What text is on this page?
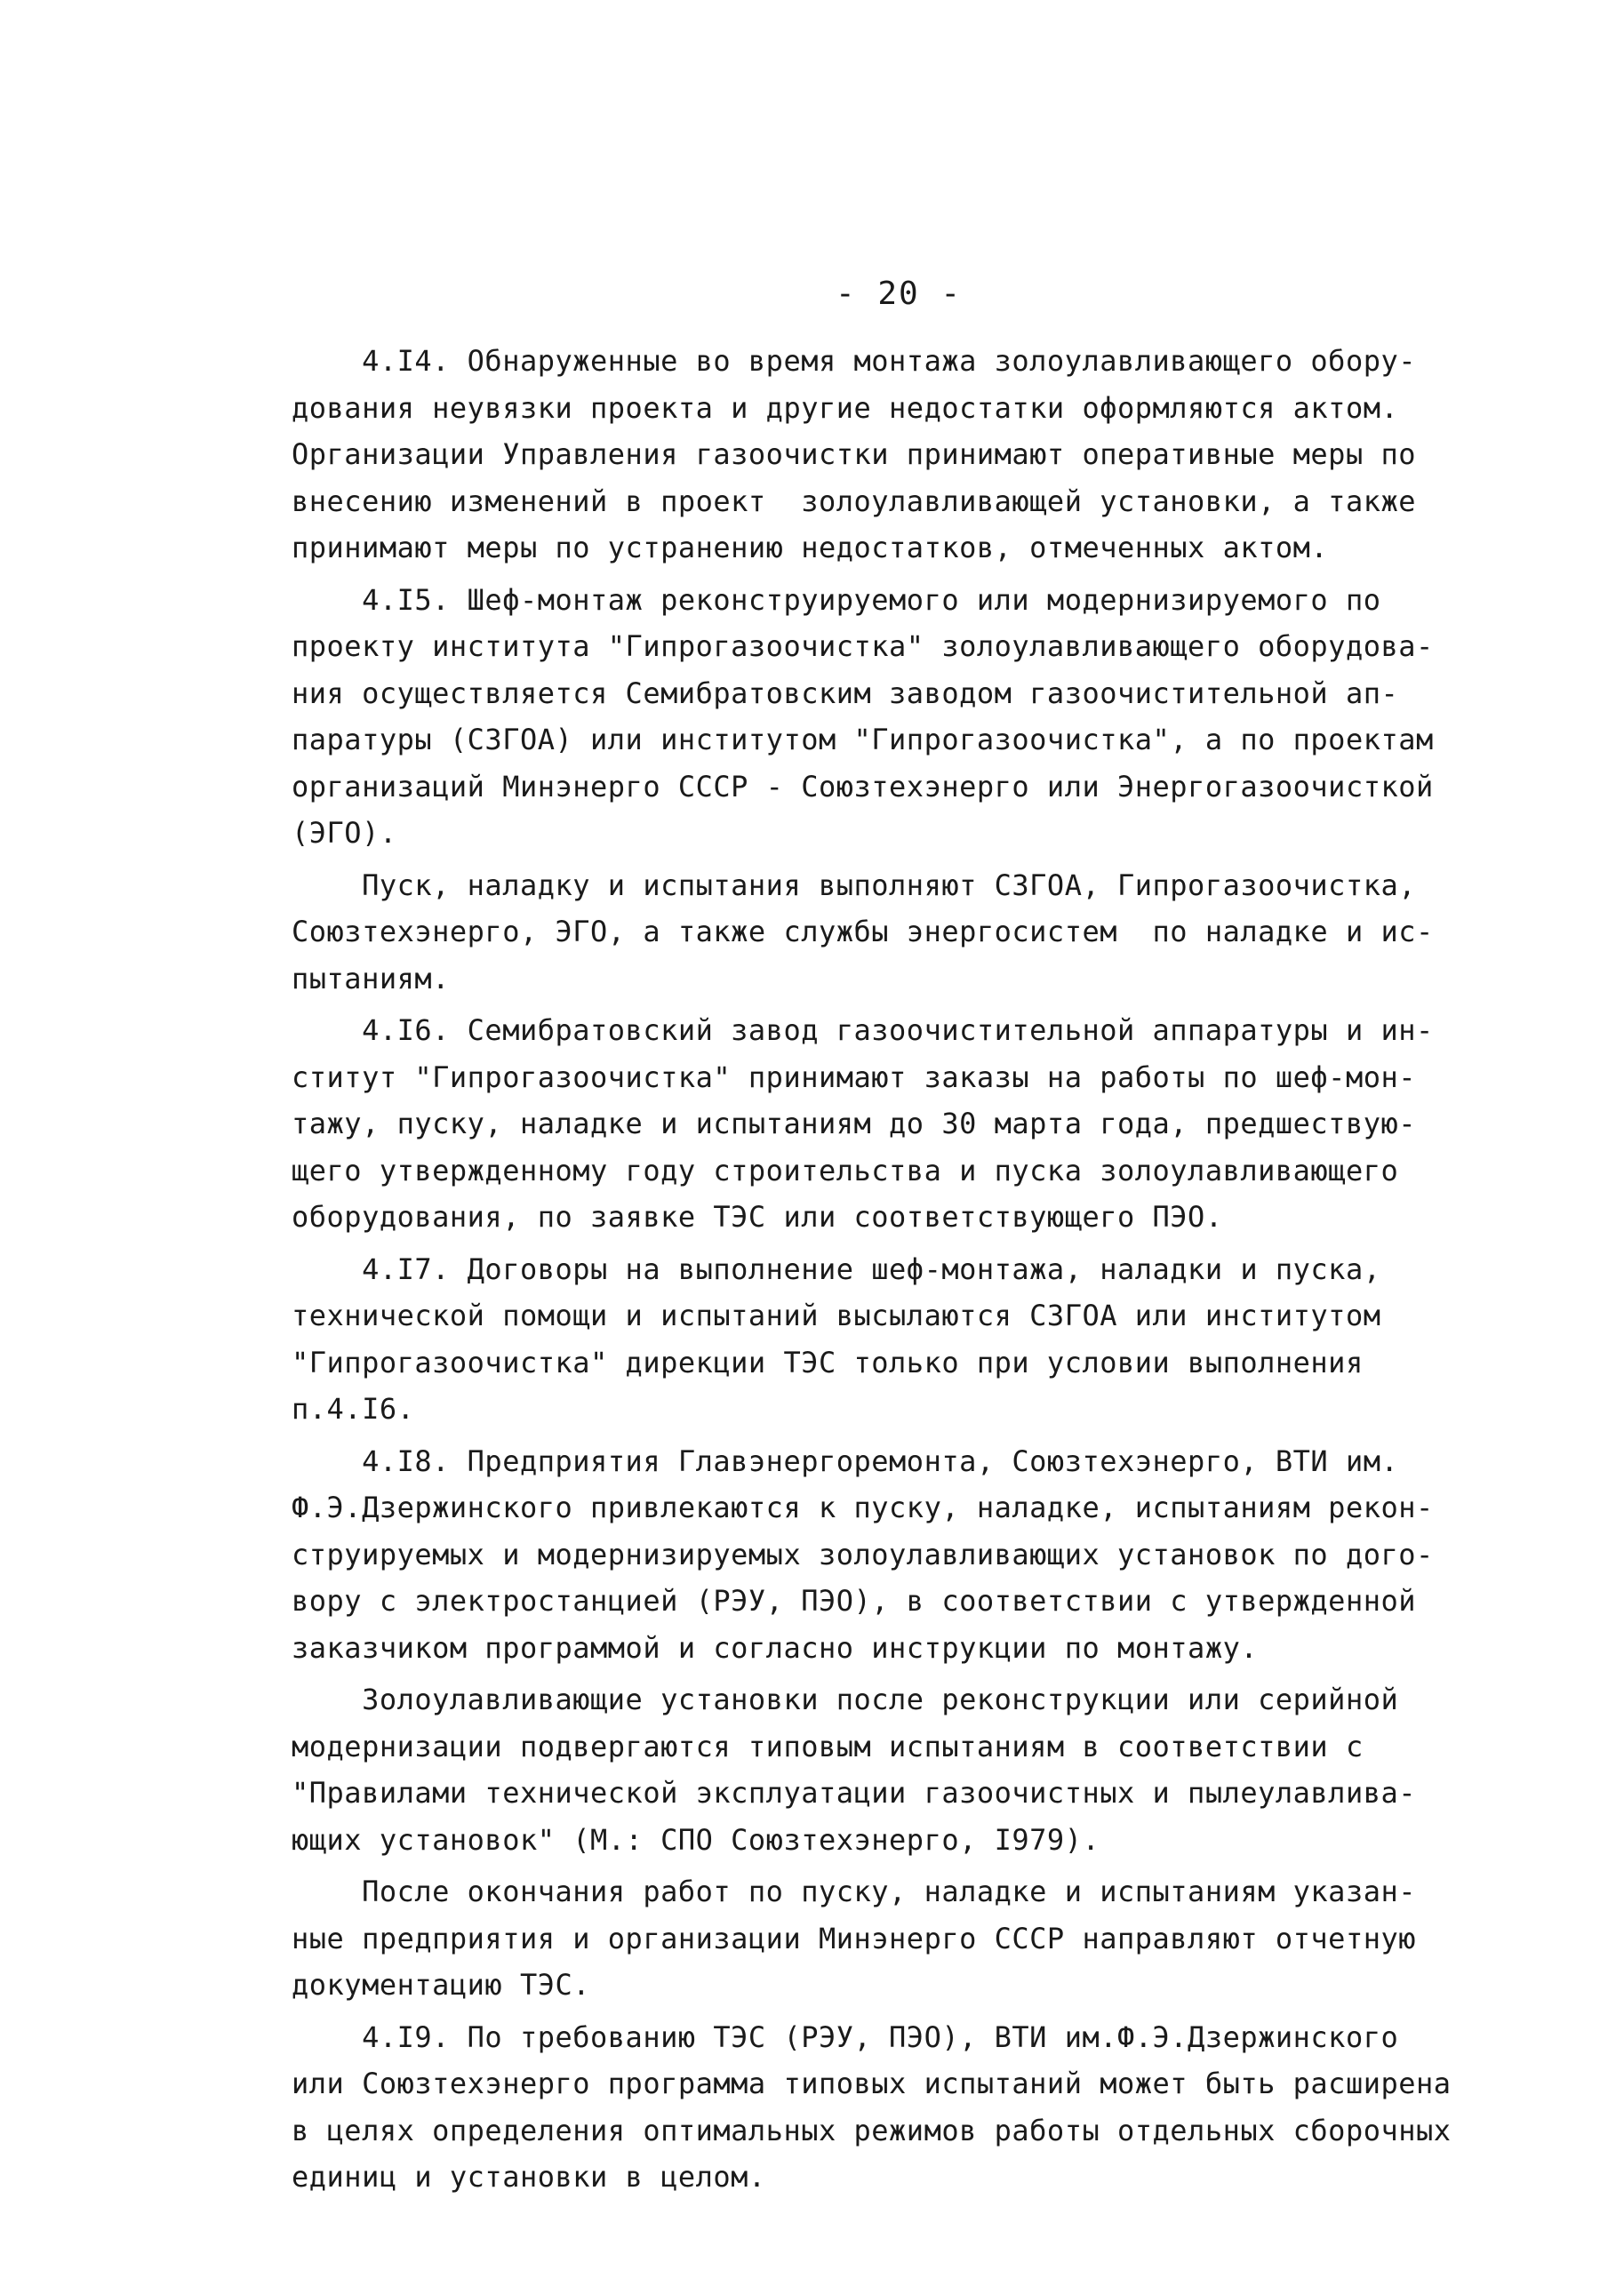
- 20 -
4.I4. Обнаруженные во время монтажа золоулавливающего обору-
дования неувязки проекта и другие недостатки оформляются актом.
Организации Управления газоочистки принимают оперативные меры по
внесению изменений в проект  золоулавливающей установки, а также
принимают меры по устранению недостатков, отмеченных актом.
4.I5. Шеф-монтаж реконструируемого или модернизируемого по
проекту института "Гипрогазоочистка" золоулавливающего оборудова-
ния осуществляется Семибратовским заводом газоочистительной ап-
паратуры (СЗГОА) или институтом "Гипрогазоочистка", а по проектам
организаций Минэнерго СССР - Союзтехэнерго или Энергогазоочисткой
(ЭГО).
Пуск, наладку и испытания выполняют СЗГОА, Гипрогазоочистка,
Союзтехэнерго, ЭГО, а также службы энергосистем  по наладке и ис-
пытаниям.
4.I6. Семибратовский завод газоочистительной аппаратуры и ин-
ститут "Гипрогазоочистка" принимают заказы на работы по шеф-мон-
тажу, пуску, наладке и испытаниям до 30 марта года, предшествую-
щего утвержденному году строительства и пуска золоулавливающего
оборудования, по заявке ТЭС или соответствующего ПЭО.
4.I7. Договоры на выполнение шеф-монтажа, наладки и пуска,
технической помощи и испытаний высылаются СЗГОА или институтом
"Гипрогазоочистка" дирекции ТЭС только при условии выполнения
п.4.I6.
4.I8. Предприятия Главэнергоремонта, Союзтехэнерго, ВТИ им.
Ф.Э.Дзержинского привлекаются к пуску, наладке, испытаниям рекон-
струируемых и модернизируемых золоулавливающих установок по дого-
вору с электростанцией (РЭУ, ПЭО), в соответствии с утвержденной
заказчиком программой и согласно инструкции по монтажу.
Золоулавливающие установки после реконструкции или серийной
модернизации подвергаются типовым испытаниям в соответствии с
"Правилами технической эксплуатации газоочистных и пылеулавлива-
ющих установок" (М.: СПО Союзтехэнерго, I979).
После окончания работ по пуску, наладке и испытаниям указан-
ные предприятия и организации Минэнерго СССР направляют отчетную
документацию ТЭС.
4.I9. По требованию ТЭС (РЭУ, ПЭО), ВТИ им.Ф.Э.Дзержинского
или Союзтехэнерго программа типовых испытаний может быть расширена
в целях определения оптимальных режимов работы отдельных сборочных
единиц и установки в целом.
